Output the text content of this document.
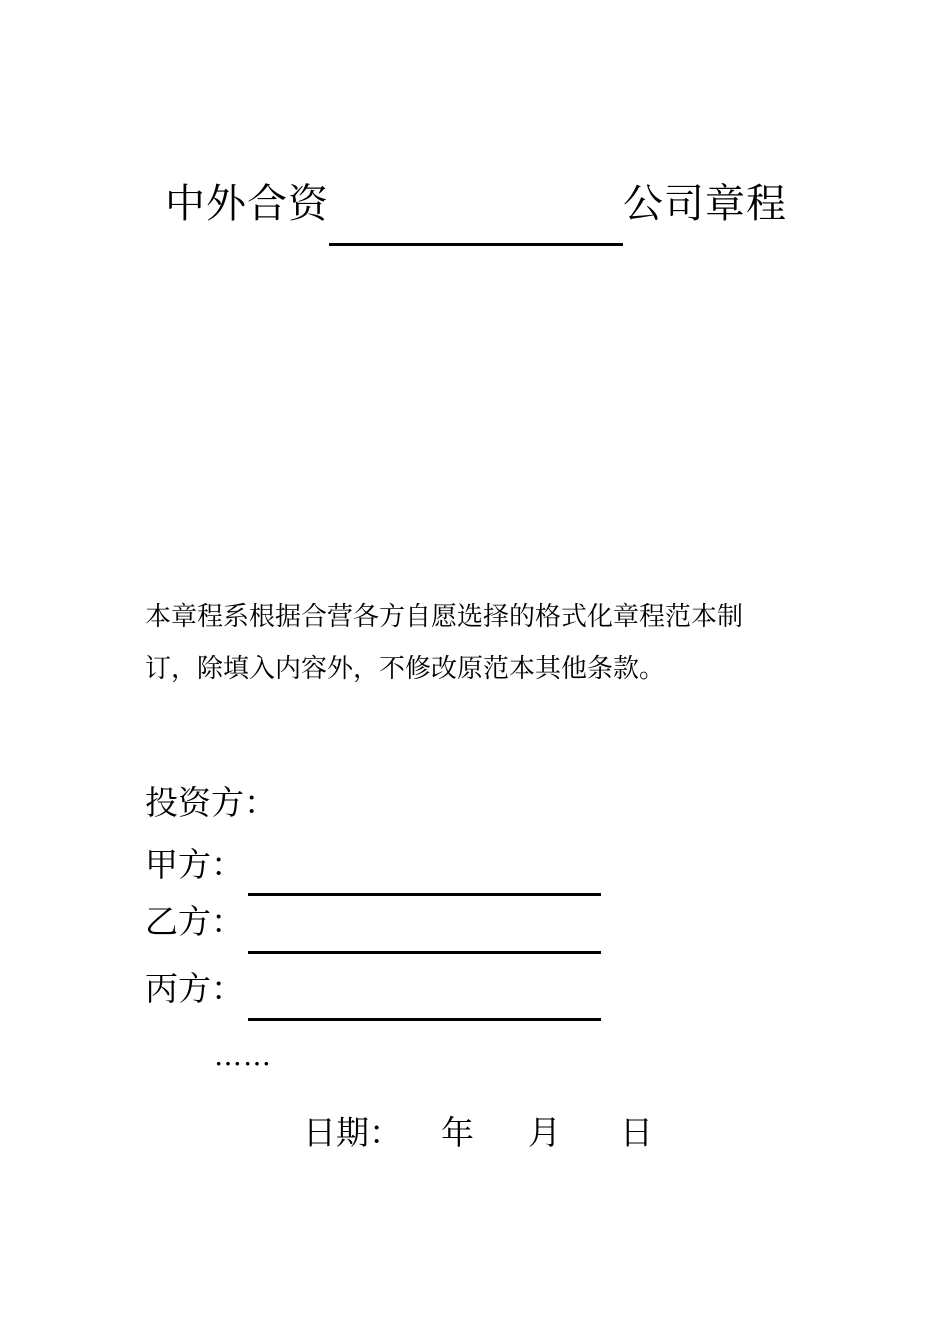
中外合资	公司章程
本章程系根据合营各方自愿选择的格式化章程范本制
订，除填入内容外，不修改原范本其他条款。
投资方：
甲方：
乙方：
丙方：
……
日期： 年 月 日
